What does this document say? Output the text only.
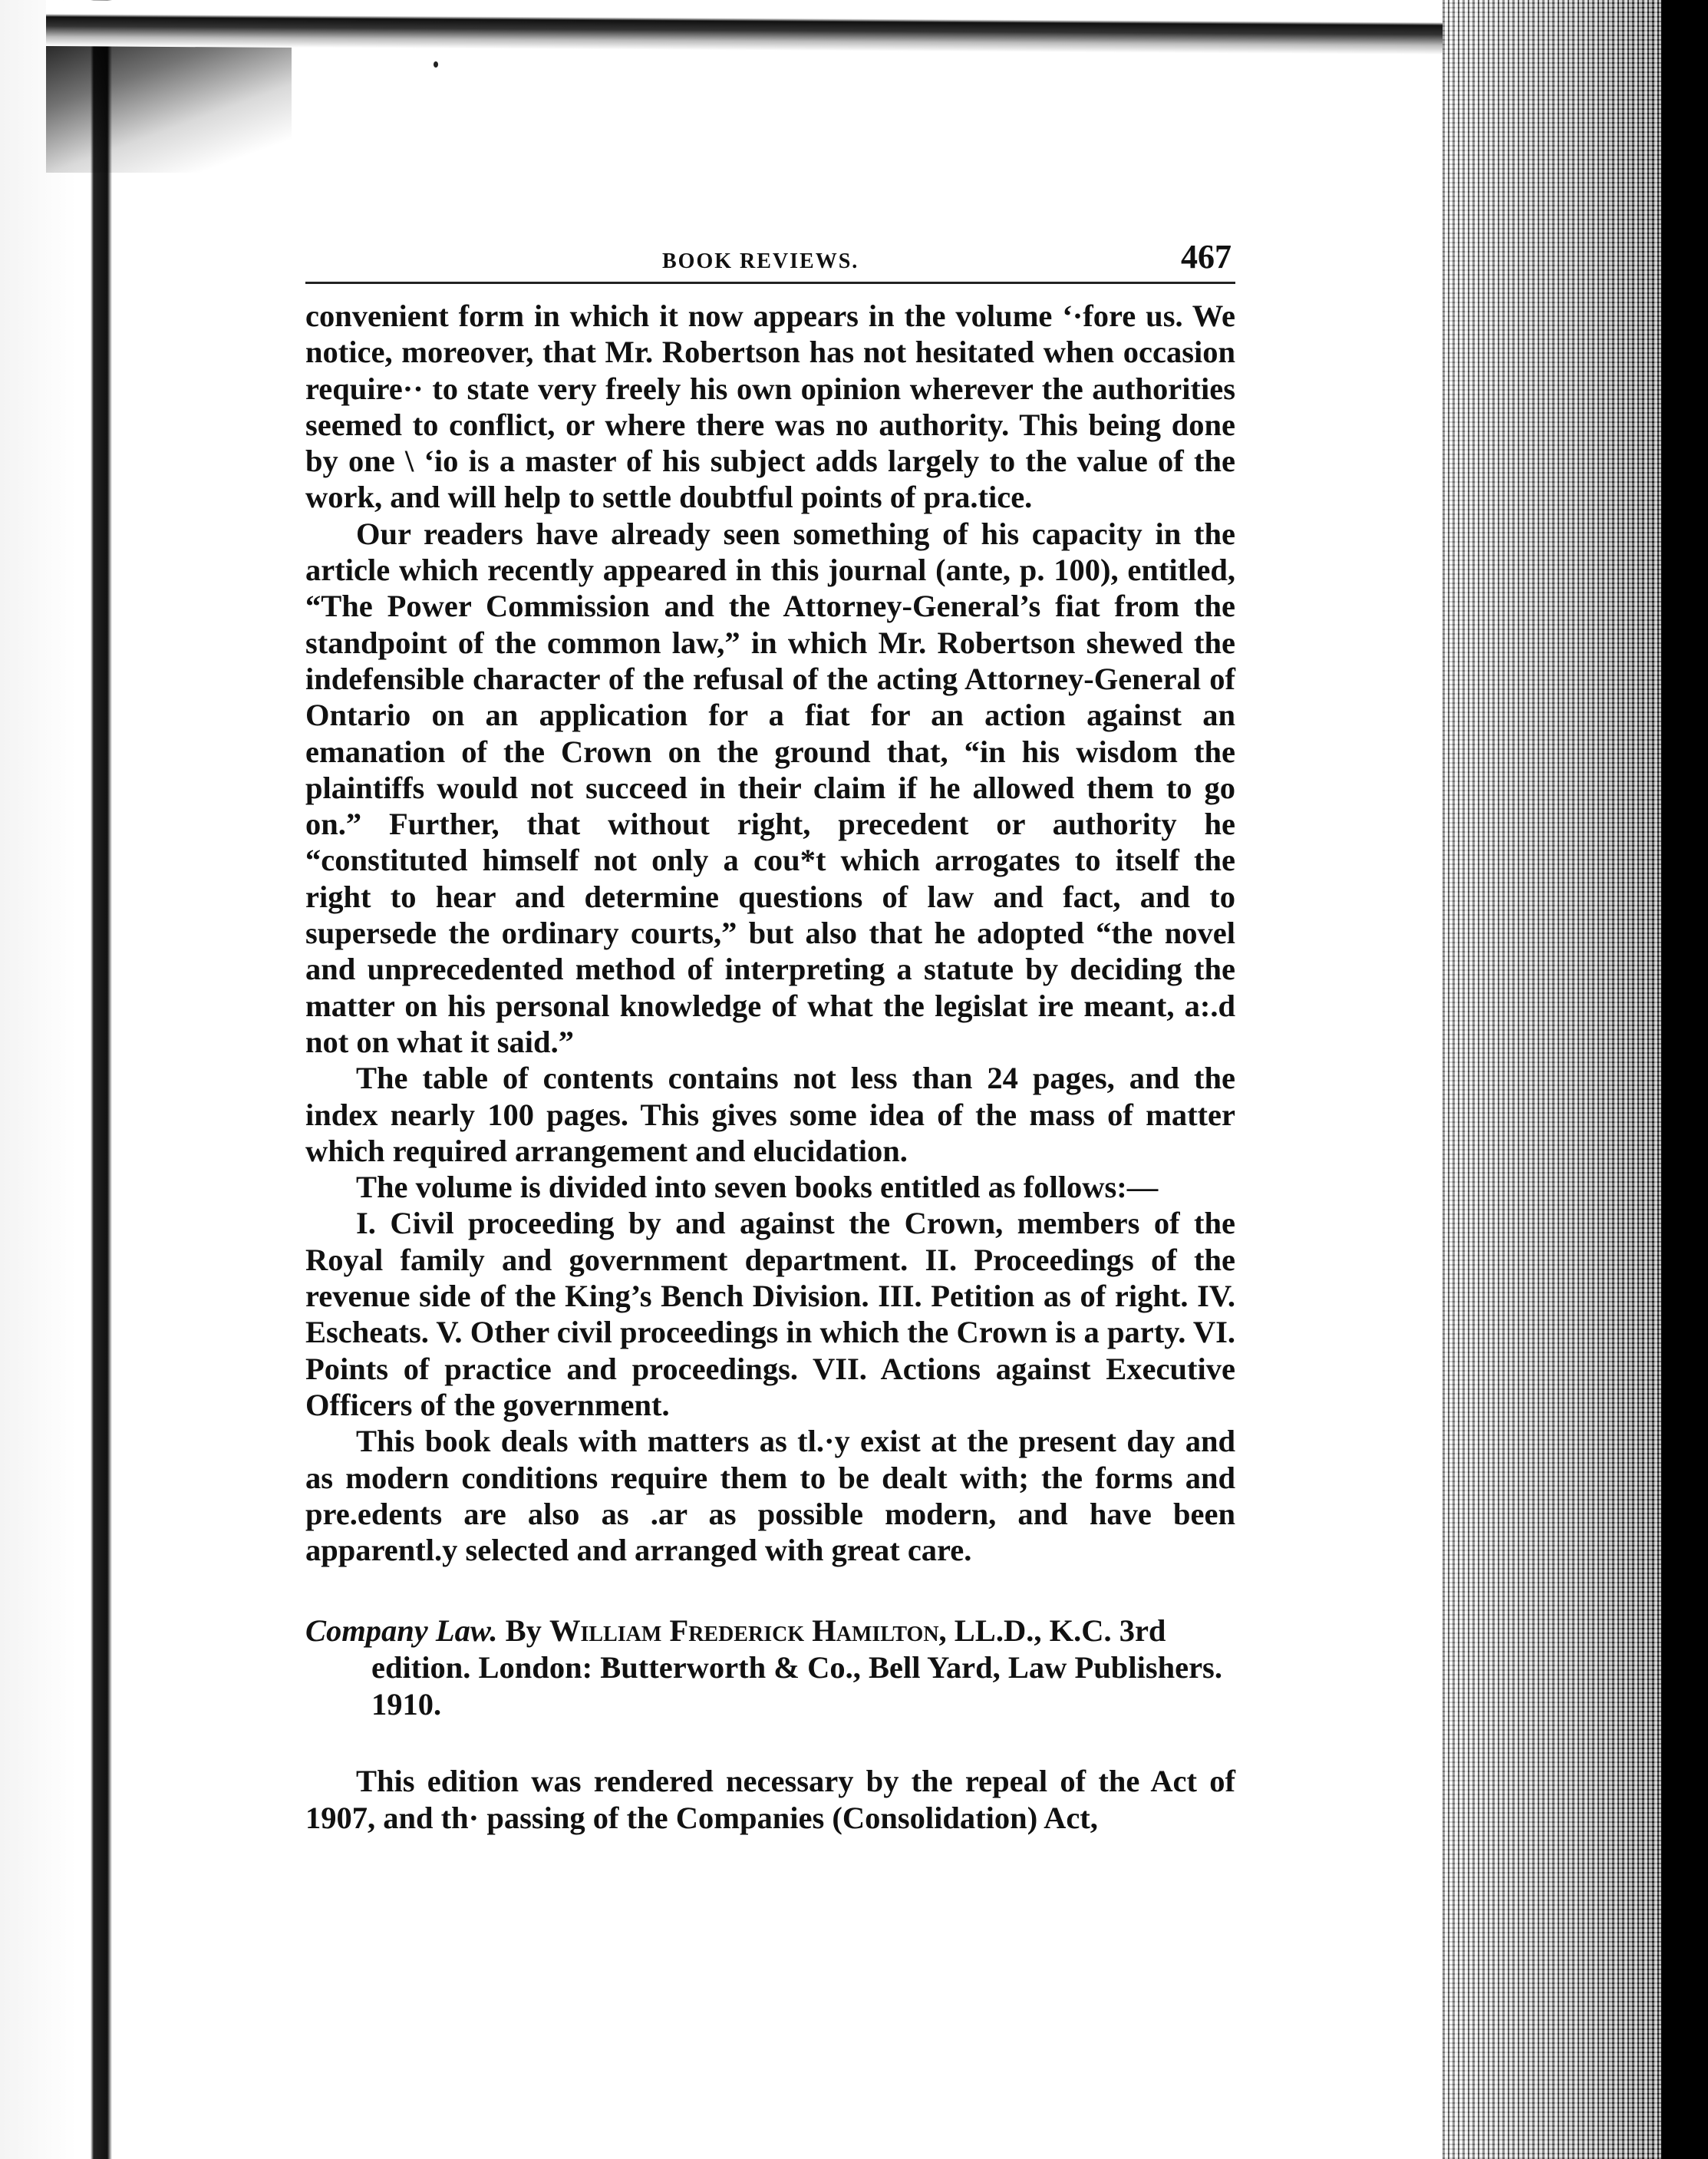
BOOK REVIEWS.	467

convenient form in which it now appears in the volume ʻ·fore us. We notice, moreover, that Mr. Robertson has not hesitated when occasion require·· to state very freely his own opinion wherever the authorities seemed to conflict, or where there was no authority. This being done by one \ ʻio is a master of his subject adds largely to the value of the work, and will help to settle doubtful points of pra.tice.

Our readers have already seen something of his capacity in the article which recently appeared in this journal (ante, p. 100), entitled, “The Power Commission and the Attorney-General’s fiat from the standpoint of the common law,” in which Mr. Robertson shewed the indefensible character of the refusal of the acting Attorney-General of Ontario on an application for a fiat for an action against an emanation of the Crown on the ground that, “in his wisdom the plaintiffs would not succeed in their claim if he allowed them to go on.” Further, that without right, precedent or authority he “constituted himself not only a cou*t which arrogates to itself the right to hear and determine questions of law and fact, and to supersede the ordinary courts,” but also that he adopted “the novel and unprecedented method of interpreting a statute by deciding the matter on his personal knowledge of what the legislat ire meant, a:.d not on what it said.”

The table of contents contains not less than 24 pages, and the index nearly 100 pages. This gives some idea of the mass of matter which required arrangement and elucidation.

The volume is divided into seven books entitled as follows:—

I. Civil proceeding by and against the Crown, members of the Royal family and government department. II. Proceedings of the revenue side of the King’s Bench Division. III. Petition as of right. IV. Escheats. V. Other civil proceedings in which the Crown is a party. VI. Points of practice and proceedings. VII. Actions against Executive Officers of the government.

This book deals with matters as tl.·y exist at the present day and as modern conditions require them to be dealt with; the forms and pre.edents are also as .ar as possible modern, and have been apparentl.y selected and arranged with great care.

Company Law. By William Frederick Hamilton, LL.D., K.C. 3rd edition. London: Butterworth & Co., Bell Yard, Law Publishers. 1910.

This edition was rendered necessary by the repeal of the Act of 1907, and th· passing of the Companies (Consolidation) Act,
